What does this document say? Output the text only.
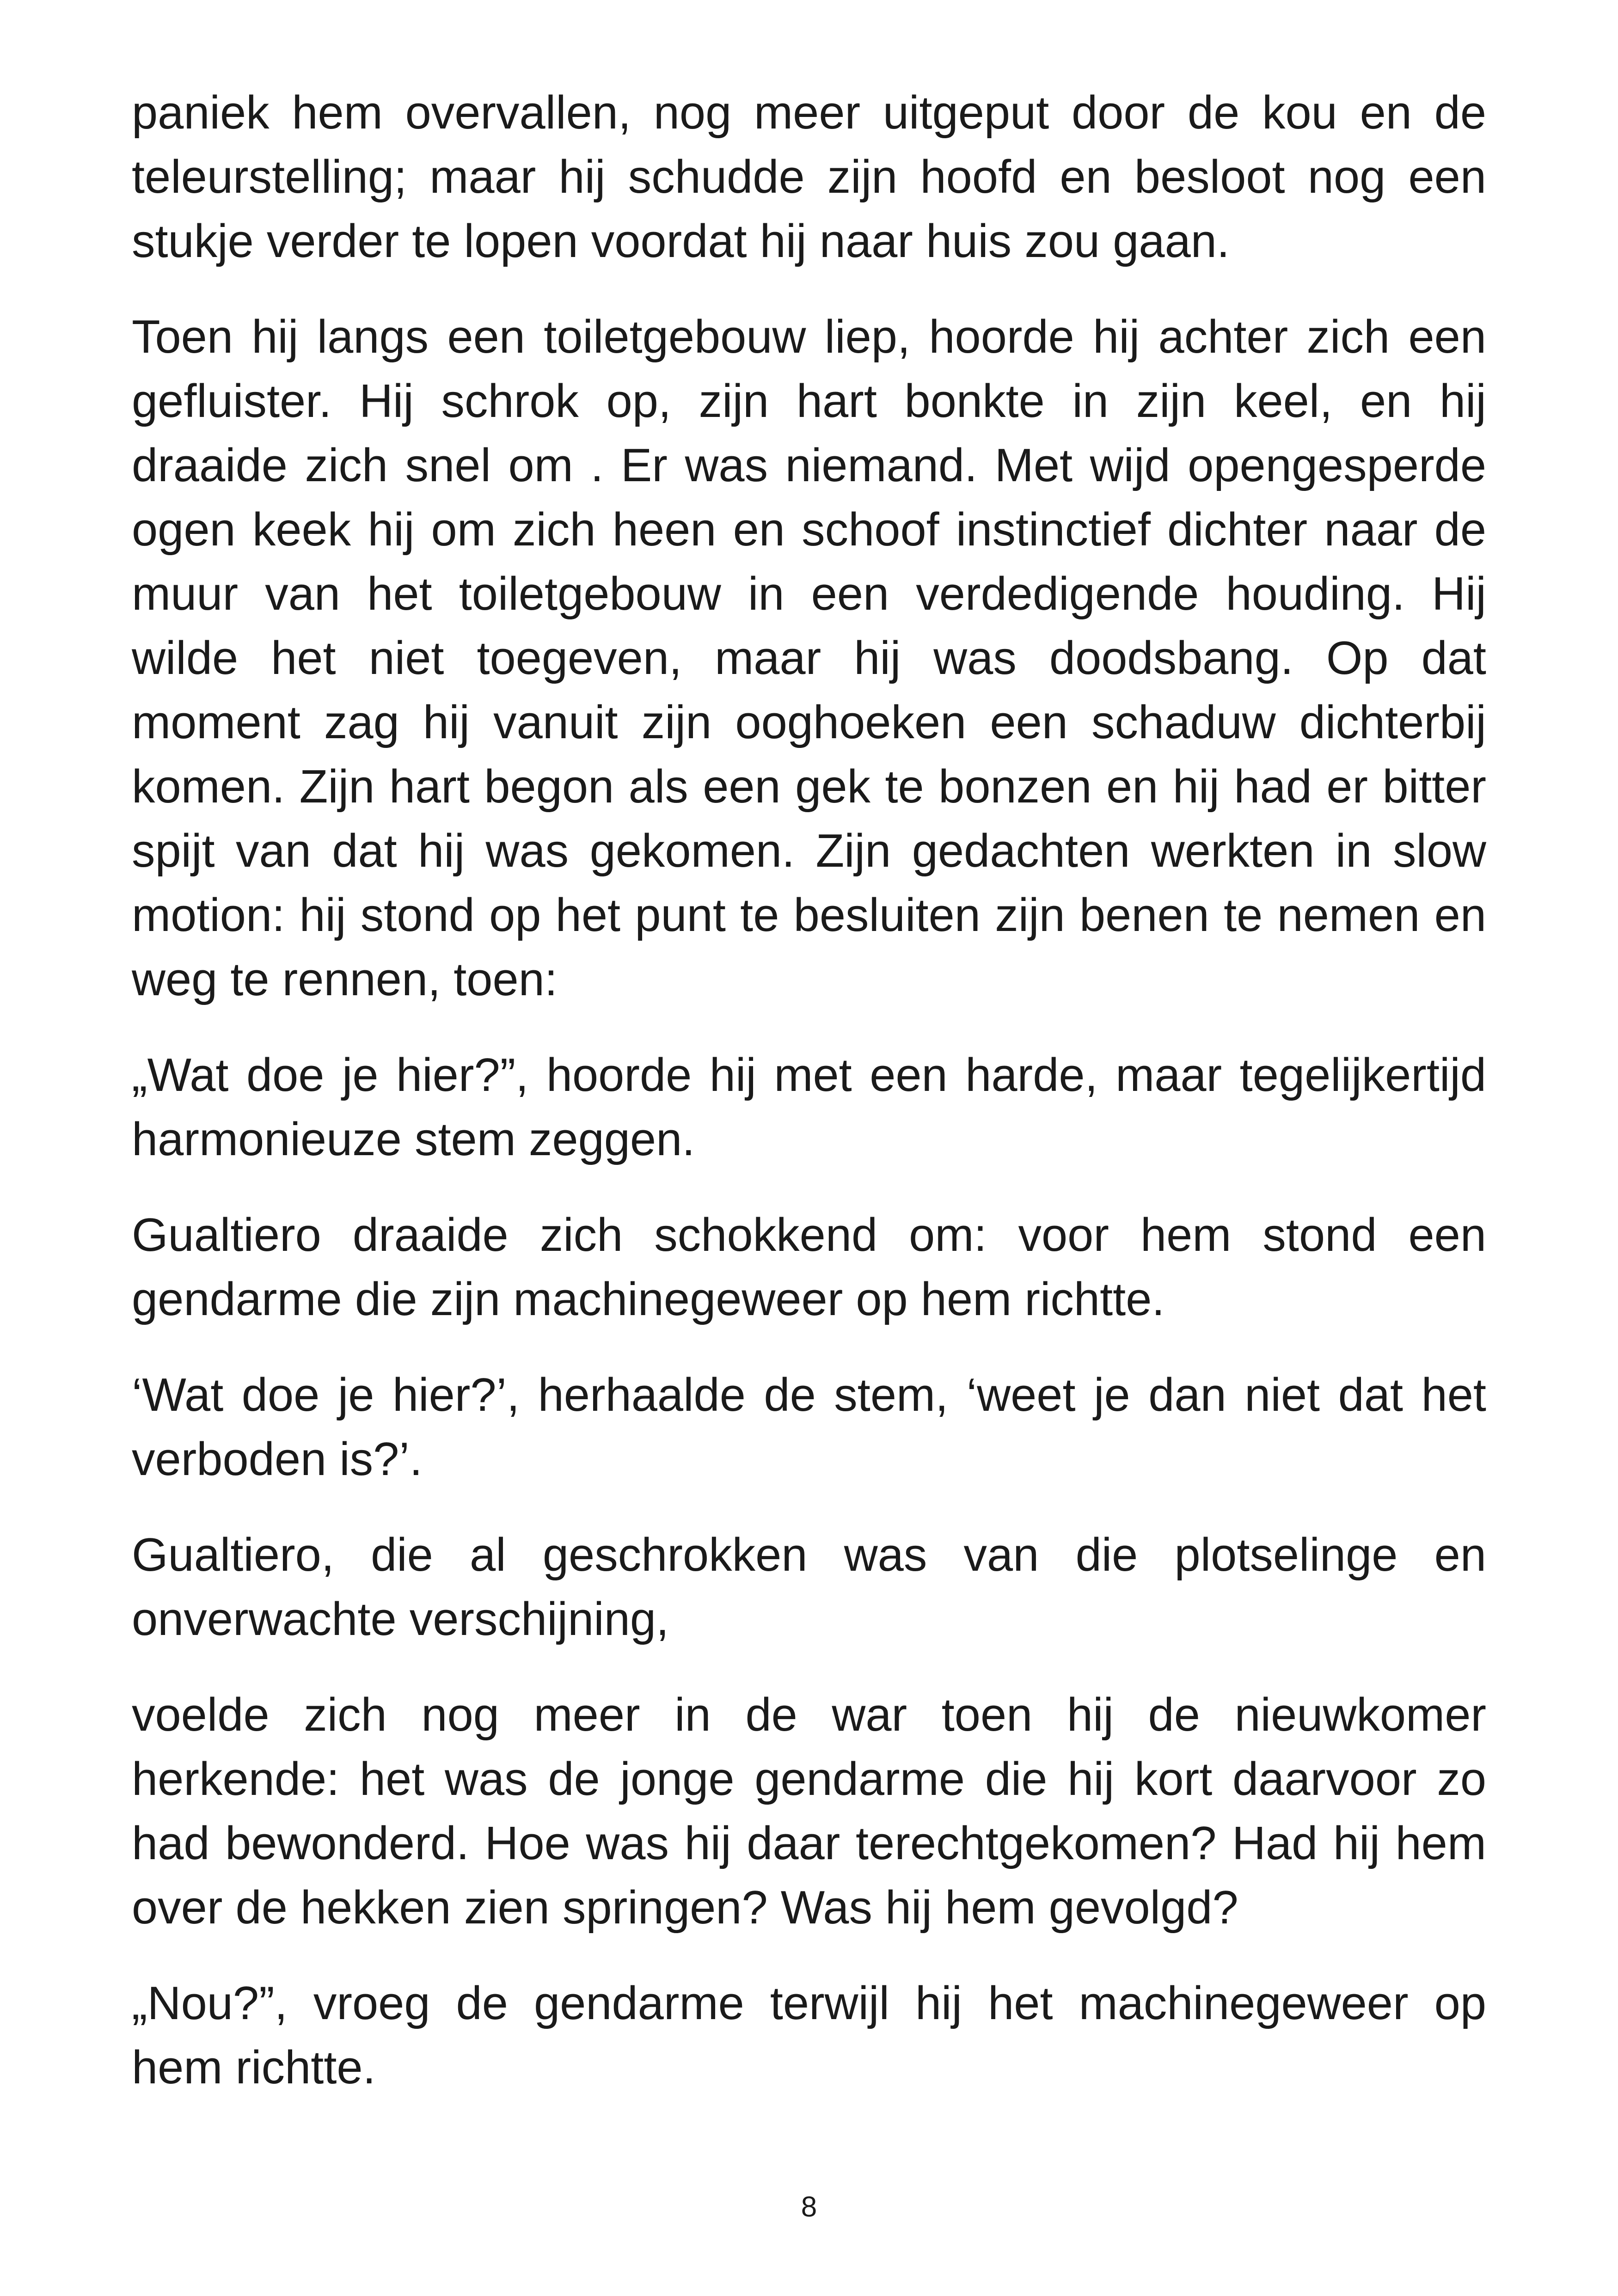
paniek hem overvallen, nog meer uitgeput door de kou en de teleurstelling; maar hij schudde zijn hoofd en besloot nog een stukje verder te lopen voordat hij naar huis zou gaan.

Toen hij langs een toiletgebouw liep, hoorde hij achter zich een gefluister. Hij schrok op, zijn hart bonkte in zijn keel, en hij draaide zich snel om . Er was niemand. Met wijd opengesperde ogen keek hij om zich heen en schoof instinctief dichter naar de muur van het toiletgebouw in een verdedigende houding. Hij wilde het niet toegeven, maar hij was doodsbang. Op dat moment zag hij vanuit zijn ooghoeken een schaduw dichterbij komen. Zijn hart begon als een gek te bonzen en hij had er bitter spijt van dat hij was gekomen. Zijn gedachten werkten in slow motion: hij stond op het punt te besluiten zijn benen te nemen en weg te rennen, toen:

„Wat doe je hier?”, hoorde hij met een harde, maar tegelijkertijd harmonieuze stem zeggen.

Gualtiero draaide zich schokkend om: voor hem stond een gendarme die zijn machinegeweer op hem richtte.

‘Wat doe je hier?’, herhaalde de stem, ‘weet je dan niet dat het verboden is?’.

Gualtiero, die al geschrokken was van die plotselinge en onverwachte verschijning,

voelde zich nog meer in de war toen hij de nieuwkomer herkende: het was de jonge gendarme die hij kort daarvoor zo had bewonderd. Hoe was hij daar terechtgekomen? Had hij hem over de hekken zien springen? Was hij hem gevolgd?

„Nou?”, vroeg de gendarme terwijl hij het machinegeweer op hem richtte.

8
